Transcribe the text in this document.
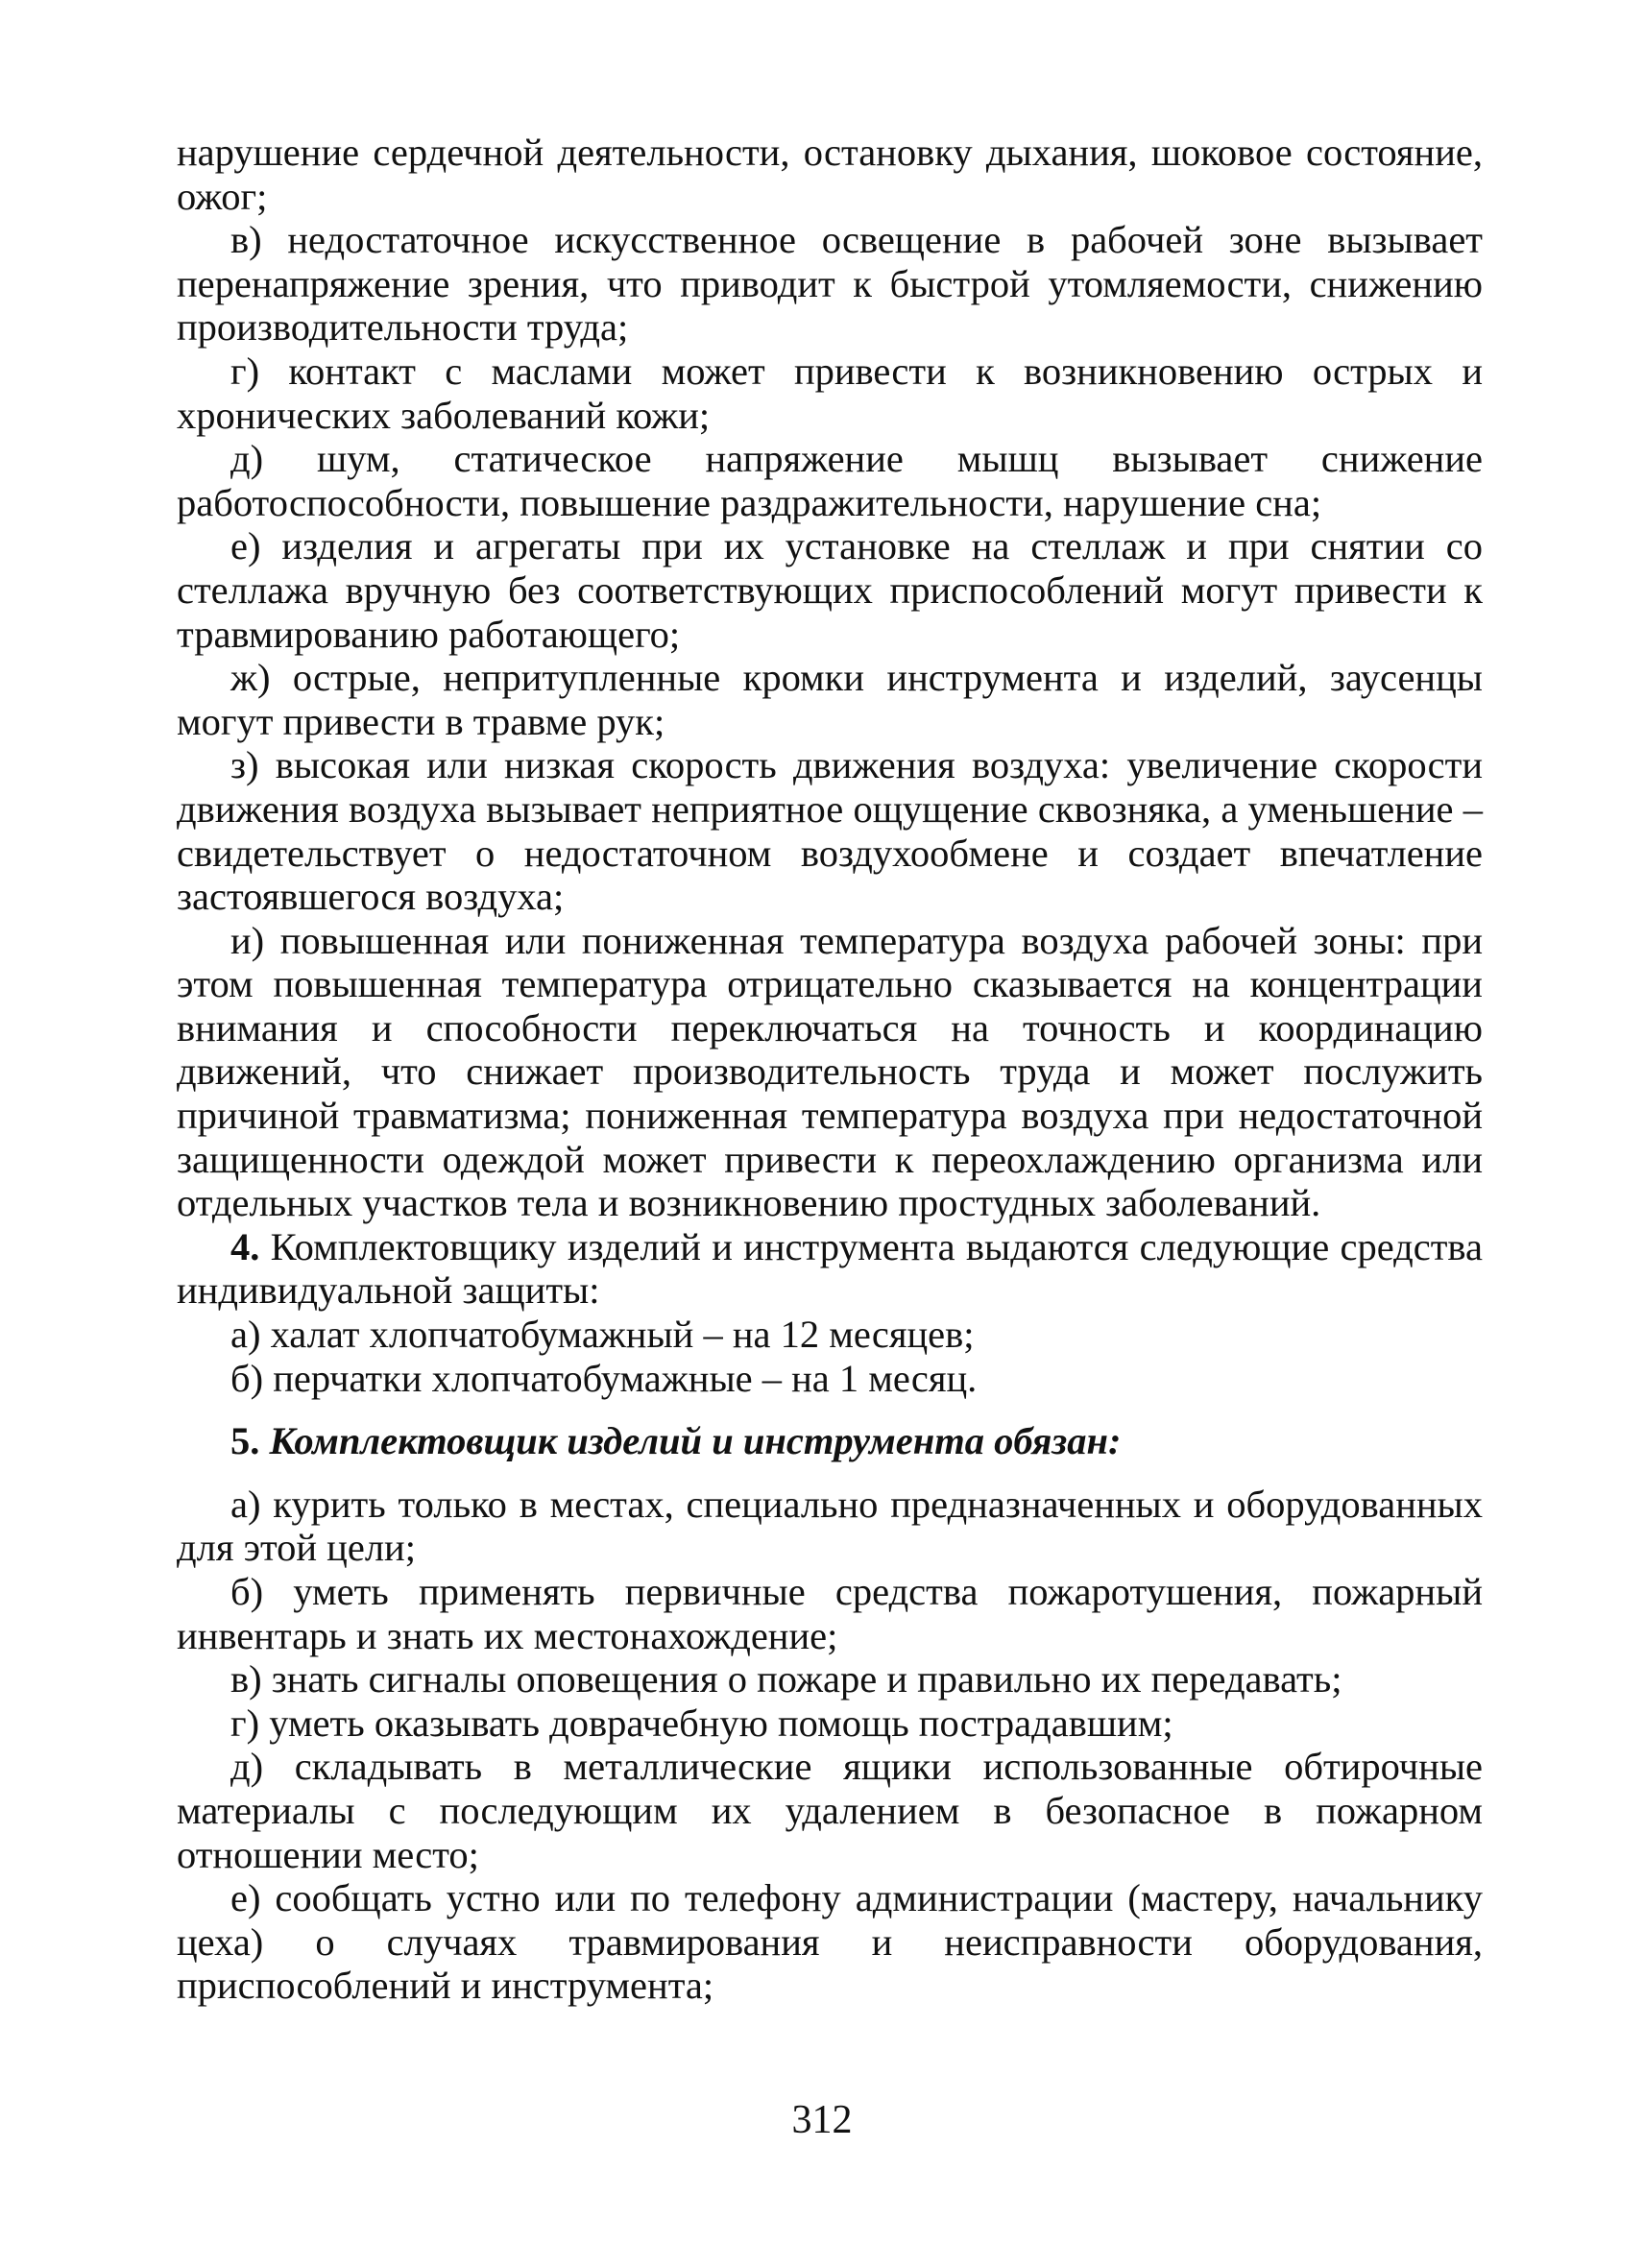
нарушение сердечной деятельности, остановку дыхания, шоковое состояние, ожог;

в) недостаточное искусственное освещение в рабочей зоне вызывает перенапряжение зрения, что приводит к быстрой утомляемости, снижению производительности труда;

г) контакт с маслами может привести к возникновению острых и хронических заболеваний кожи;

д) шум, статическое напряжение мышц вызывает снижение работоспособности, повышение раздражительности, нарушение сна;

е) изделия и агрегаты при их установке на стеллаж и при снятии со стеллажа вручную без соответствующих приспособлений могут привести к травмированию работающего;

ж) острые, непритупленные кромки инструмента и изделий, заусенцы могут привести в травме рук;

з) высокая или низкая скорость движения воздуха: увеличение скорости движения воздуха вызывает неприятное ощущение сквозняка, а уменьшение – свидетельствует о недостаточном воздухообмене и создает впечатление застоявшегося воздуха;

и) повышенная или пониженная температура воздуха рабочей зоны: при этом повышенная температура отрицательно сказывается на концентрации внимания и способности переключаться на точность и координацию движений, что снижает производительность труда и может послужить причиной травматизма; пониженная температура воздуха при недостаточной защищенности одеждой может привести к переохлаждению организма или отдельных участков тела и возникновению простудных заболеваний.

4. Комплектовщику изделий и инструмента выдаются следующие средства индивидуальной защиты:

а) халат хлопчатобумажный – на 12 месяцев;

б) перчатки хлопчатобумажные – на 1 месяц.

5. Комплектовщик изделий и инструмента обязан:

а) курить только в местах, специально предназначенных и оборудованных для этой цели;

б) уметь применять первичные средства пожаротушения, пожарный инвентарь и знать их местонахождение;

в) знать сигналы оповещения о пожаре и правильно их передавать;

г) уметь оказывать доврачебную помощь пострадавшим;

д) складывать в металлические ящики использованные обтирочные материалы с последующим их удалением в безопасное в пожарном отношении место;

е) сообщать устно или по телефону администрации (мастеру, начальнику цеха) о случаях травмирования и неисправности оборудования, приспособлений и инструмента;

312
